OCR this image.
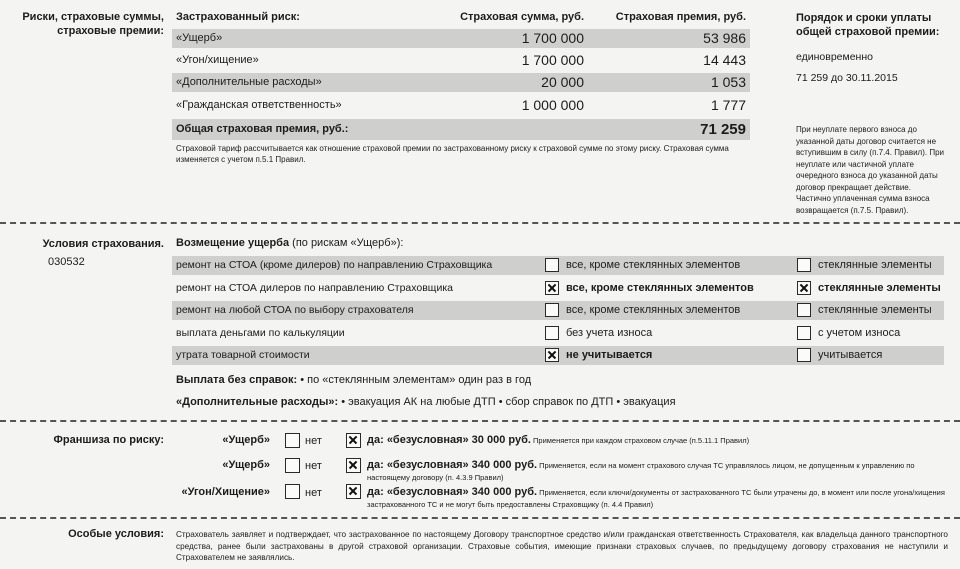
Риски, страховые суммы, страховые премии:
Застрахованный риск:	Страховая сумма, руб.	Страховая премия, руб.
«Ущерб»	1 700 000	53 986
«Угон/хищение»	1 700 000	14 443
«Дополнительные расходы»	20 000	1 053
«Гражданская ответственность»	1 000 000	1 777
Общая страховая премия, руб.:	71 259
Страховой тариф рассчитывается как отношение страховой премии по застрахованному риску к страховой сумме по этому риску. Страховая сумма изменяется с учетом п.5.1 Правил.
Порядок и сроки уплаты общей страховой премии:
единовременно
71 259 до 30.11.2015
При неуплате первого взноса до указанной даты договор считается не вступившим в силу (п.7.4. Правил). При неуплате или частичной уплате очередного взноса до указанной даты договор прекращает действие. Частично уплаченная сумма взноса возвращается (п.7.5. Правил).
Условия страхования.
030532
Возмещение ущерба (по рискам «Ущерб»):
ремонт на СТОА (кроме дилеров) по направлению Страховщика	все, кроме стеклянных элементов	стеклянные элементы
ремонт на СТОА дилеров по направлению Страховщика	все, кроме стеклянных элементов	стеклянные элементы
ремонт на любой СТОА по выбору страхователя	все, кроме стеклянных элементов	стеклянные элементы
выплата деньгами по калькуляции	без учета износа	с учетом износа
утрата товарной стоимости	не учитывается	учитывается
Выплата без справок: • по «стеклянным элементам» один раз в год
«Дополнительные расходы»: • эвакуация АК на любые ДТП • сбор справок по ДТП • эвакуация
Франшиза по риску:	«Ущерб»	нет	да: «безусловная» 30 000 руб. Применяется при каждом страховом случае (п.5.11.1 Правил)
«Ущерб»	нет	да: «безусловная» 340 000 руб. Применяется, если на момент страхового случая ТС управлялось лицом, не допущенным к управлению по настоящему договору (п. 4.3.9 Правил)
«Угон/Хищение»	нет	да: «безусловная» 340 000 руб. Применяется, если ключи/документы от застрахованного ТС были утрачены до, в момент или после угона/хищения застрахованного ТС и не могут быть предоставлены Страховщику (п. 4.4 Правил)
Особые условия: Страхователь заявляет и подтверждает, что застрахованное по настоящему Договору транспортное средство и/или гражданская ответственность Страхователя, как владельца данного транспортного средства, ранее были застрахованы в другой страховой организации. Страховые события, имеющие признаки страховых случаев, по предыдущему договору страхования не наступили и Страхователем не заявлялись.
